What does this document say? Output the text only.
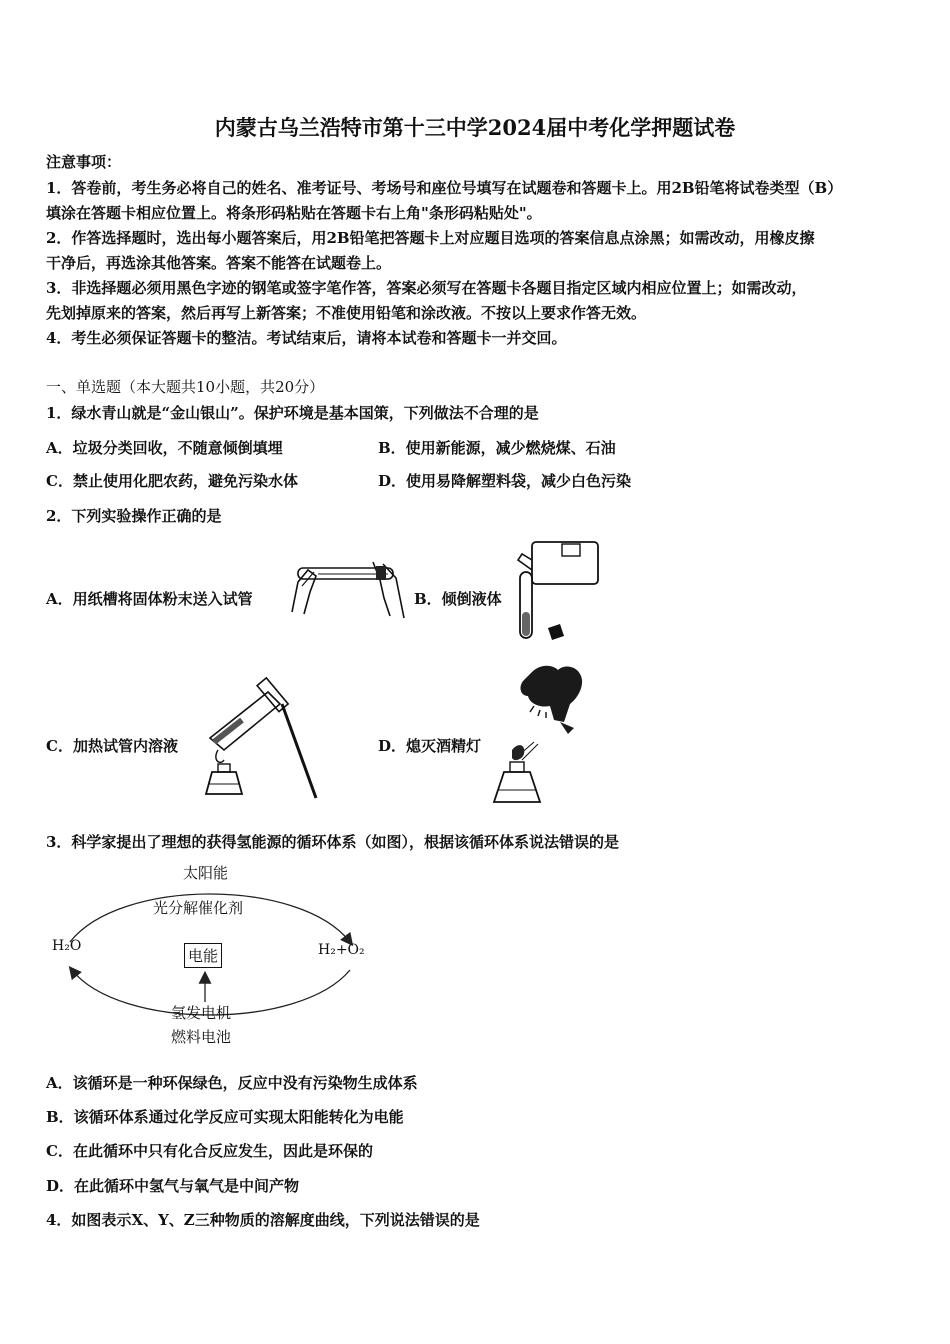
内蒙古乌兰浩特市第十三中学2024届中考化学押题试卷
注意事项：
1．答卷前，考生务必将自己的姓名、准考证号、考场号和座位号填写在试题卷和答题卡上。用2B铅笔将试卷类型（B）
填涂在答题卡相应位置上。将条形码粘贴在答题卡右上角"条形码粘贴处"。
2．作答选择题时，选出每小题答案后，用2B铅笔把答题卡上对应题目选项的答案信息点涂黑；如需改动，用橡皮擦
干净后，再选涂其他答案。答案不能答在试题卷上。
3．非选择题必须用黑色字迹的钢笔或签字笔作答，答案必须写在答题卡各题目指定区域内相应位置上；如需改动，
先划掉原来的答案，然后再写上新答案；不准使用铅笔和涂改液。不按以上要求作答无效。
4．考生必须保证答题卡的整洁。考试结束后，请将本试卷和答题卡一并交回。
一、单选题（本大题共10小题，共20分）
1．绿水青山就是“金山银山”。保护环境是基本国策，下列做法不合理的是
A．垃圾分类回收，不随意倾倒填埋	B．使用新能源，减少燃烧煤、石油
C．禁止使用化肥农药，避免污染水体	D．使用易降解塑料袋，减少白色污染
2．下列实验操作正确的是
A．用纸槽将固体粉末送入试管	B．倾倒液体
C．加热试管内溶液	D．熄灭酒精灯
3．科学家提出了理想的获得氢能源的循环体系（如图），根据该循环体系说法错误的是
太阳能
光分解催化剂
H₂O	H₂+O₂
电能
氢发电机
燃料电池
A．该循环是一种环保绿色，反应中没有污染物生成体系
B．该循环体系通过化学反应可实现太阳能转化为电能
C．在此循环中只有化合反应发生，因此是环保的
D．在此循环中氢气与氧气是中间产物
4．如图表示X、Y、Z三种物质的溶解度曲线，下列说法错误的是
